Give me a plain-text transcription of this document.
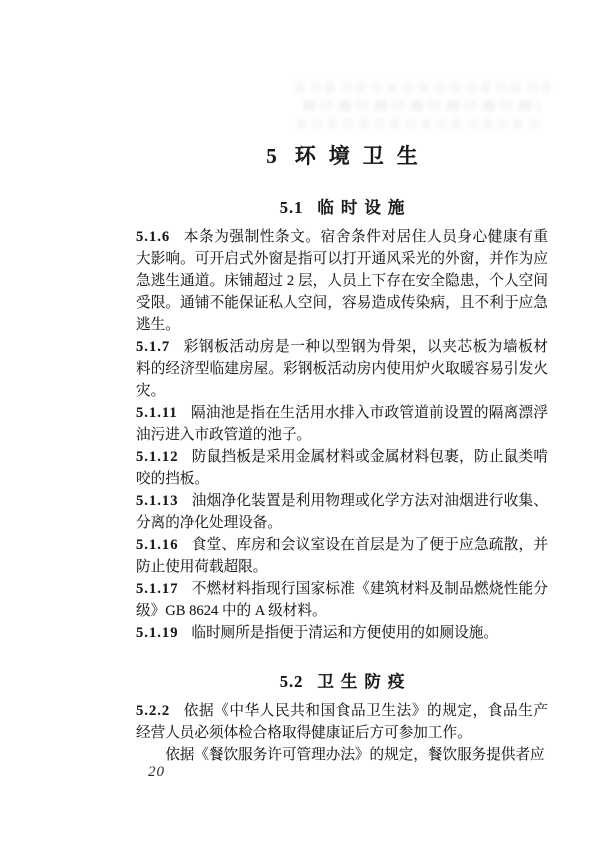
5 环境卫生
5.1 临时设施

5.1.6 本条为强制性条文。宿舍条件对居住人员身心健康有重大影响。可开启式外窗是指可以打开通风采光的外窗，并作为应急逃生通道。床铺超过 2 层，人员上下存在安全隐患，个人空间受限。通铺不能保证私人空间，容易造成传染病，且不利于应急逃生。

5.1.7 彩钢板活动房是一种以型钢为骨架，以夹芯板为墙板材料的经济型临建房屋。彩钢板活动房内使用炉火取暖容易引发火灾。

5.1.11 隔油池是指在生活用水排入市政管道前设置的隔离漂浮油污进入市政管道的池子。

5.1.12 防鼠挡板是采用金属材料或金属材料包裹，防止鼠类啃咬的挡板。

5.1.13 油烟净化装置是利用物理或化学方法对油烟进行收集、分离的净化处理设备。

5.1.16 食堂、库房和会议室设在首层是为了便于应急疏散，并防止使用荷载超限。

5.1.17 不燃材料指现行国家标准《建筑材料及制品燃烧性能分级》GB 8624 中的 A 级材料。

5.1.19 临时厕所是指便于清运和方便使用的如厕设施。

5.2 卫生防疫

5.2.2 依据《中华人民共和国食品卫生法》的规定，食品生产经营人员必须体检合格取得健康证后方可参加工作。

依据《餐饮服务许可管理办法》的规定，餐饮服务提供者应

20
